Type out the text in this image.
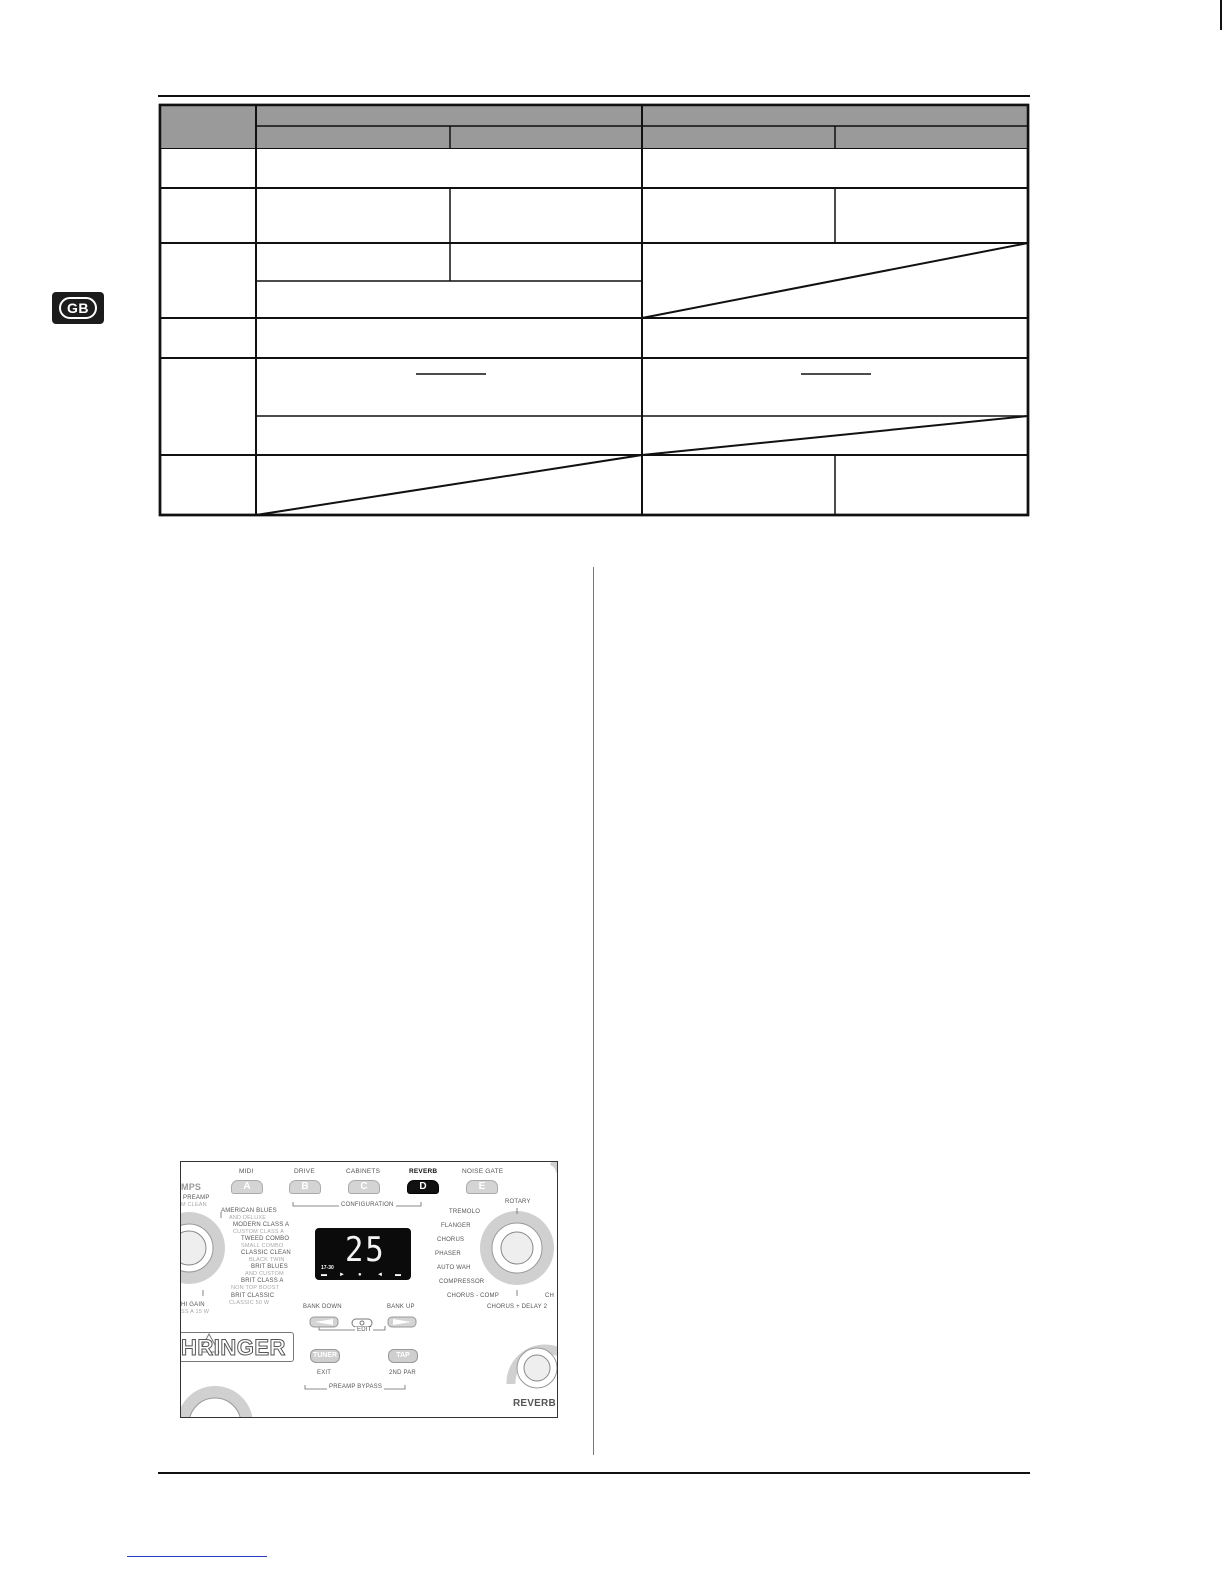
GB
MIDI	DRIVE	CABINETS	REVERB	NOISE GATE
A	B	C	D	E
CONFIGURATION
MPS
PREAMP
M CLEAN
AMERICAN BLUES
AND DELUXE
MODERN CLASS A
CUSTOM CLASS A
TWEED COMBO
SMALL COMBO
CLASSIC CLEAN
BLACK TWIN
BRIT BLUES
AND CUSTOM
BRIT CLASS A
NON TOP BOOST
BRIT CLASSIC
CLASSIC 50 W
HI GAIN
SS A 15 W
25
17-30
▬ ► ●	◄ ▬
ROTARY
TREMOLO
FLANGER
CHORUS
PHASER
AUTO WAH
COMPRESSOR
CHORUS - COMP
CHORUS + DELAY 2
CH
BANK DOWN	BANK UP
EDIT
TUNER	TAP
EXIT	2ND PAR
PREAMP BYPASS
HRINGER
REVERB
